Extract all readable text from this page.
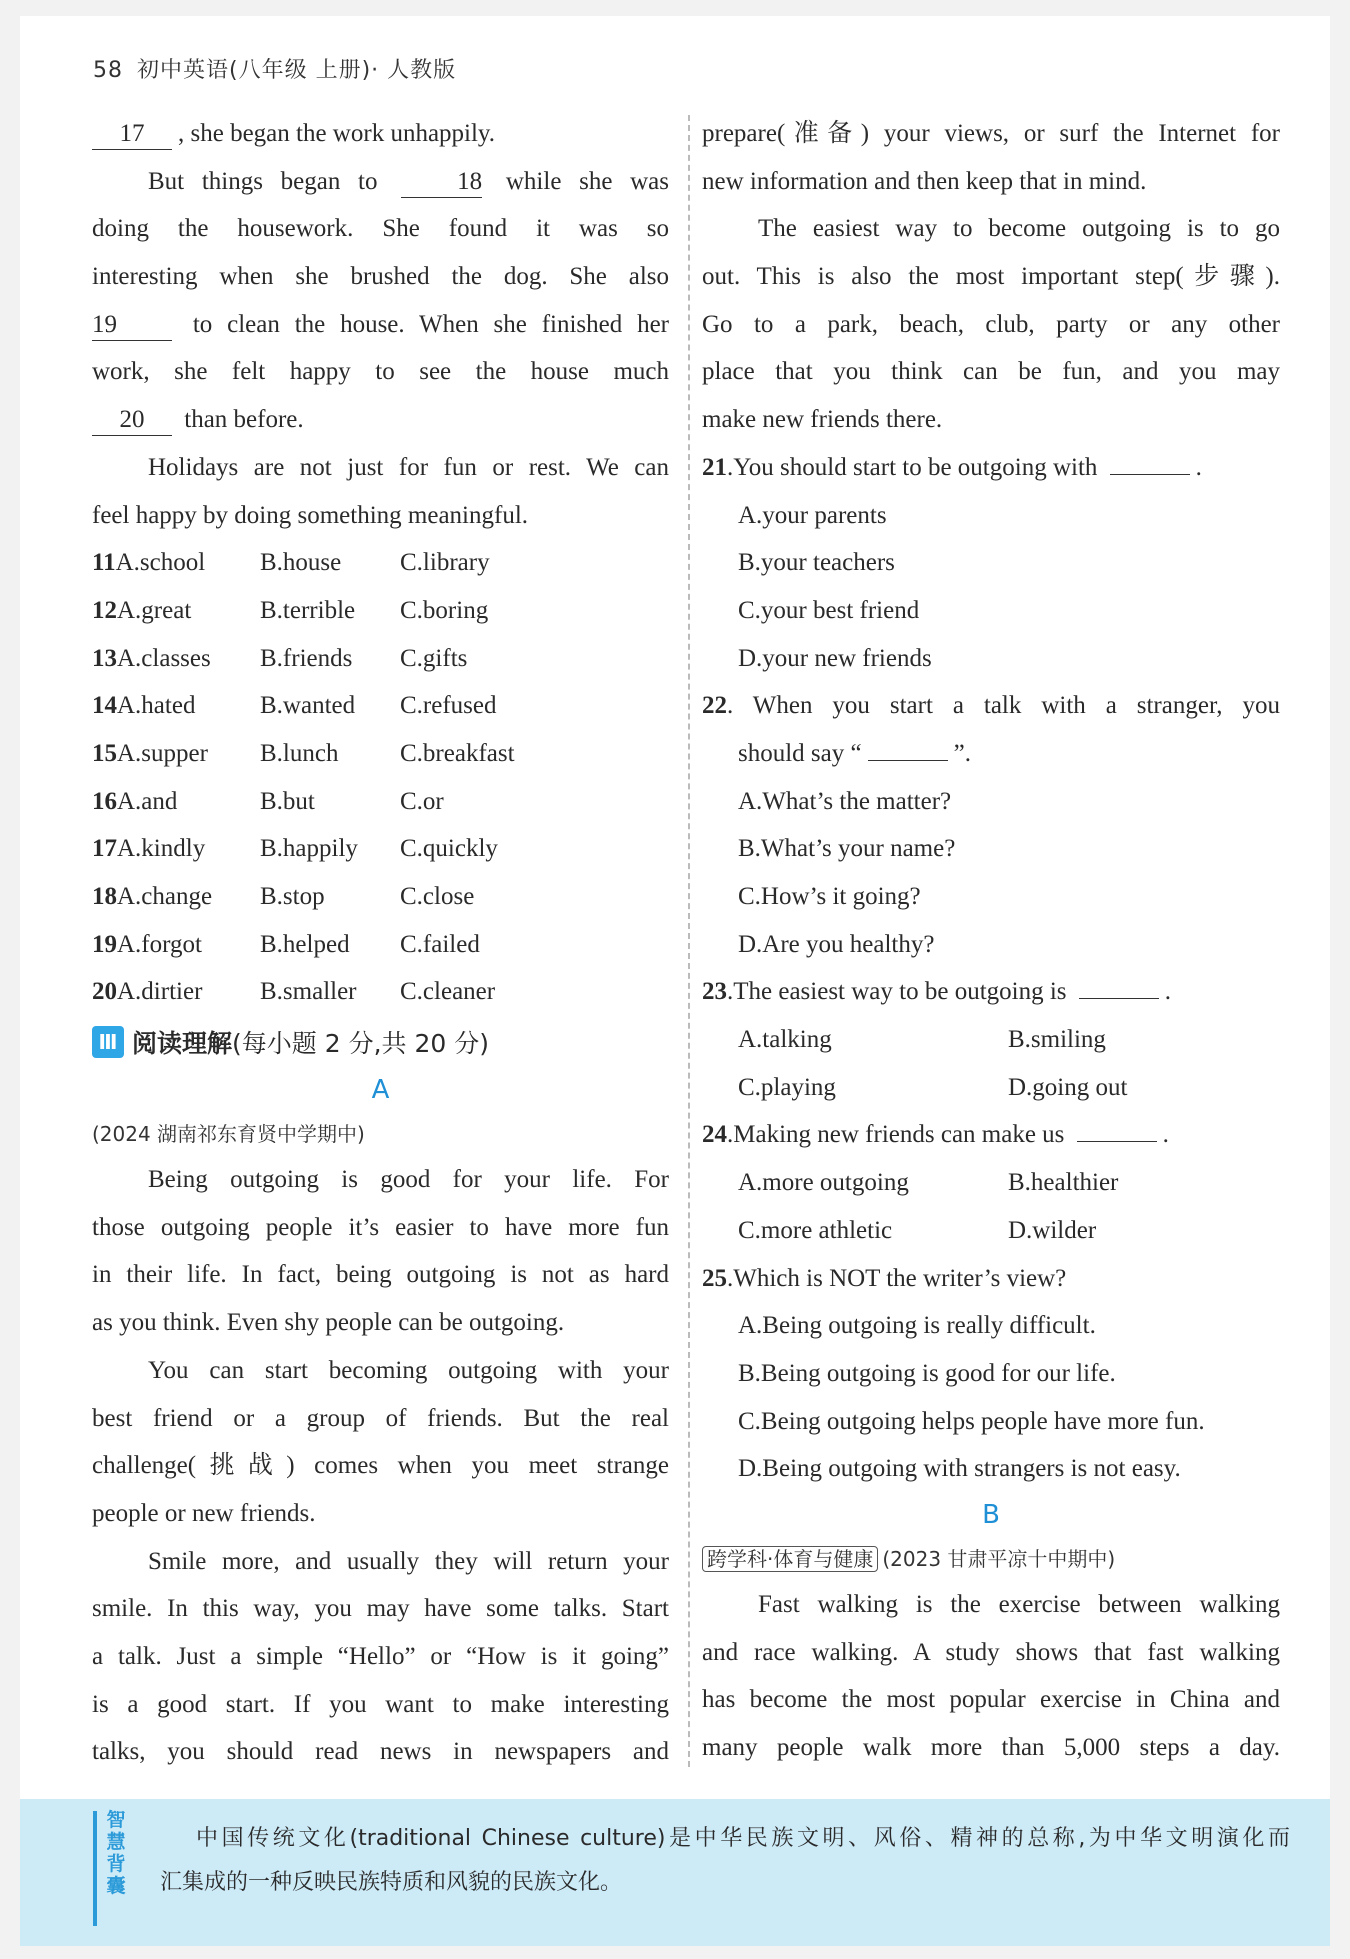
58 初中英语(八年级 上册)· 人教版
17 , she began the work unhappily.
But things began to	18 while she was
doing the housework. She found it was so
interesting when she brushed the dog. She also
19	to clean the house. When she finished her
work, she felt happy to see the house much
20 than before.
Holidays are not just for fun or rest. We can
feel happy by doing something meaningful.
11A.school	B.house	C.library
12A.great	B.terrible	C.boring
13A.classes	B.friends	C.gifts
14A.hated	B.wanted	C.refused
15A.supper	B.lunch	C.breakfast
16A.and	B.but	C.or
17A.kindly	B.happily	C.quickly
18A.change	B.stop	C.close
19A.forgot	B.helped	C.failed
20A.dirtier	B.smaller	C.cleaner
Ⅲ 阅读理解 (每小题 2 分,共 20 分)
A
(2024 湖南祁东育贤中学期中)
Being outgoing is good for your life. For
those outgoing people it’s easier to have more fun
in their life. In fact, being outgoing is not as hard
as you think. Even shy people can be outgoing.
You can start becoming outgoing with your
best friend or a group of friends. But the real
challenge(挑战) comes when you meet strange
people or new friends.
Smile more, and usually they will return your
smile. In this way, you may have some talks. Start
a talk. Just a simple “Hello” or “How is it going”
is a good start. If you want to make interesting
talks, you should read news in newspapers and
prepare(准备) your views, or surf the Internet for
new information and then keep that in mind.
The easiest way to become outgoing is to go
out. This is also the most important step(步骤).
Go to a park, beach, club, party or any other
place that you think can be fun, and you may
make new friends there.
21.You should start to be outgoing with	.
A.your parents
B.your teachers
C.your best friend
D.your new friends
22. When you start a talk with a stranger, you
should say “	”.
A.What’s the matter?
B.What’s your name?
C.How’s it going?
D.Are you healthy?
23.The easiest way to be outgoing is	.
A.talking	B.smiling
C.playing	D.going out
24.Making new friends can make us	.
A.more outgoing	B.healthier
C.more athletic	D.wilder
25.Which is NOT the writer’s view?
A.Being outgoing is really difficult.
B.Being outgoing is good for our life.
C.Being outgoing helps people have more fun.
D.Being outgoing with strangers is not easy.
B
跨学科·体育与健康 (2023 甘肃平凉十中期中)
Fast walking is the exercise between walking
and race walking. A study shows that fast walking
has become the most popular exercise in China and
many people walk more than 5,000 steps a day.
智慧背囊
中国传统文化(traditional Chinese culture)是中华民族文明、风俗、精神的总称,为中华文明演化而
汇集成的一种反映民族特质和风貌的民族文化。
